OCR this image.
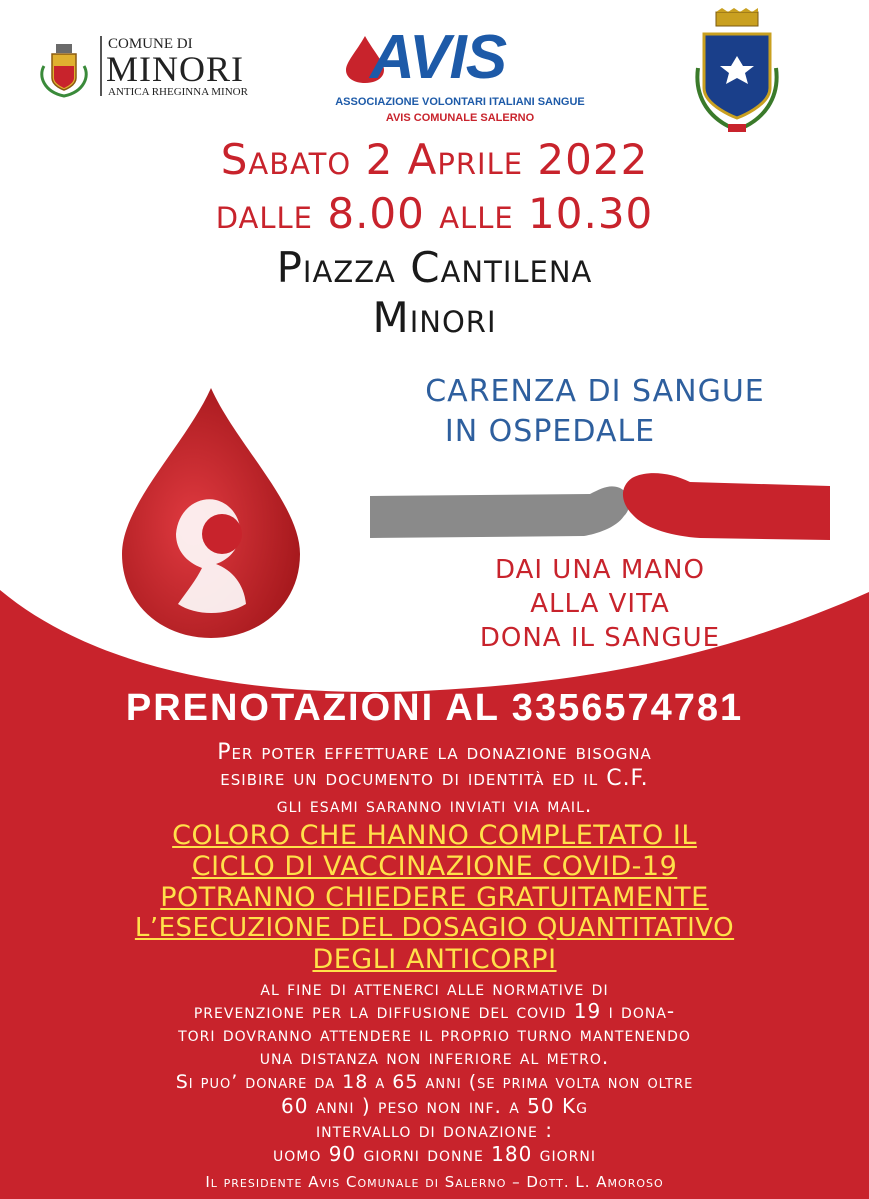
COMUNE DI
MINORI
ANTICA RHEGINNA MINOR AVIS
ASSOCIAZIONE VOLONTARI ITALIANI SANGUE
AVIS COMUNALE SALERNO
Sabato 2 Aprile 2022
dalle 8.00 alle 10.30
Piazza Cantilena
Minori
CARENZA DI SANGUE
IN OSPEDALE
DAI UNA MANO
ALLA VITA
DONA IL SANGUE
PRENOTAZIONI AL 3356574781
Per poter effettuare la donazione bisogna
esibire un documento di identità ed il C.F.
gli esami saranno inviati via mail.
COLORO CHE HANNO COMPLETATO IL
CICLO DI VACCINAZIONE COVID-19
POTRANNO CHIEDERE GRATUITAMENTE
L’ESECUZIONE DEL DOSAGIO QUANTITATIVO
DEGLI ANTICORPI
al fine di attenerci alle normative di
prevenzione per la diffusione del covid 19 i dona-
tori dovranno attendere il proprio turno mantenendo
una distanza non inferiore al metro.
Si puo’ donare da 18 a 65 anni (se prima volta non oltre
60 anni ) peso non inf. a 50 Kg
intervallo di donazione :
uomo 90 giorni donne 180 giorni
Il presidente Avis Comunale di Salerno – Dott. L. Amoroso
